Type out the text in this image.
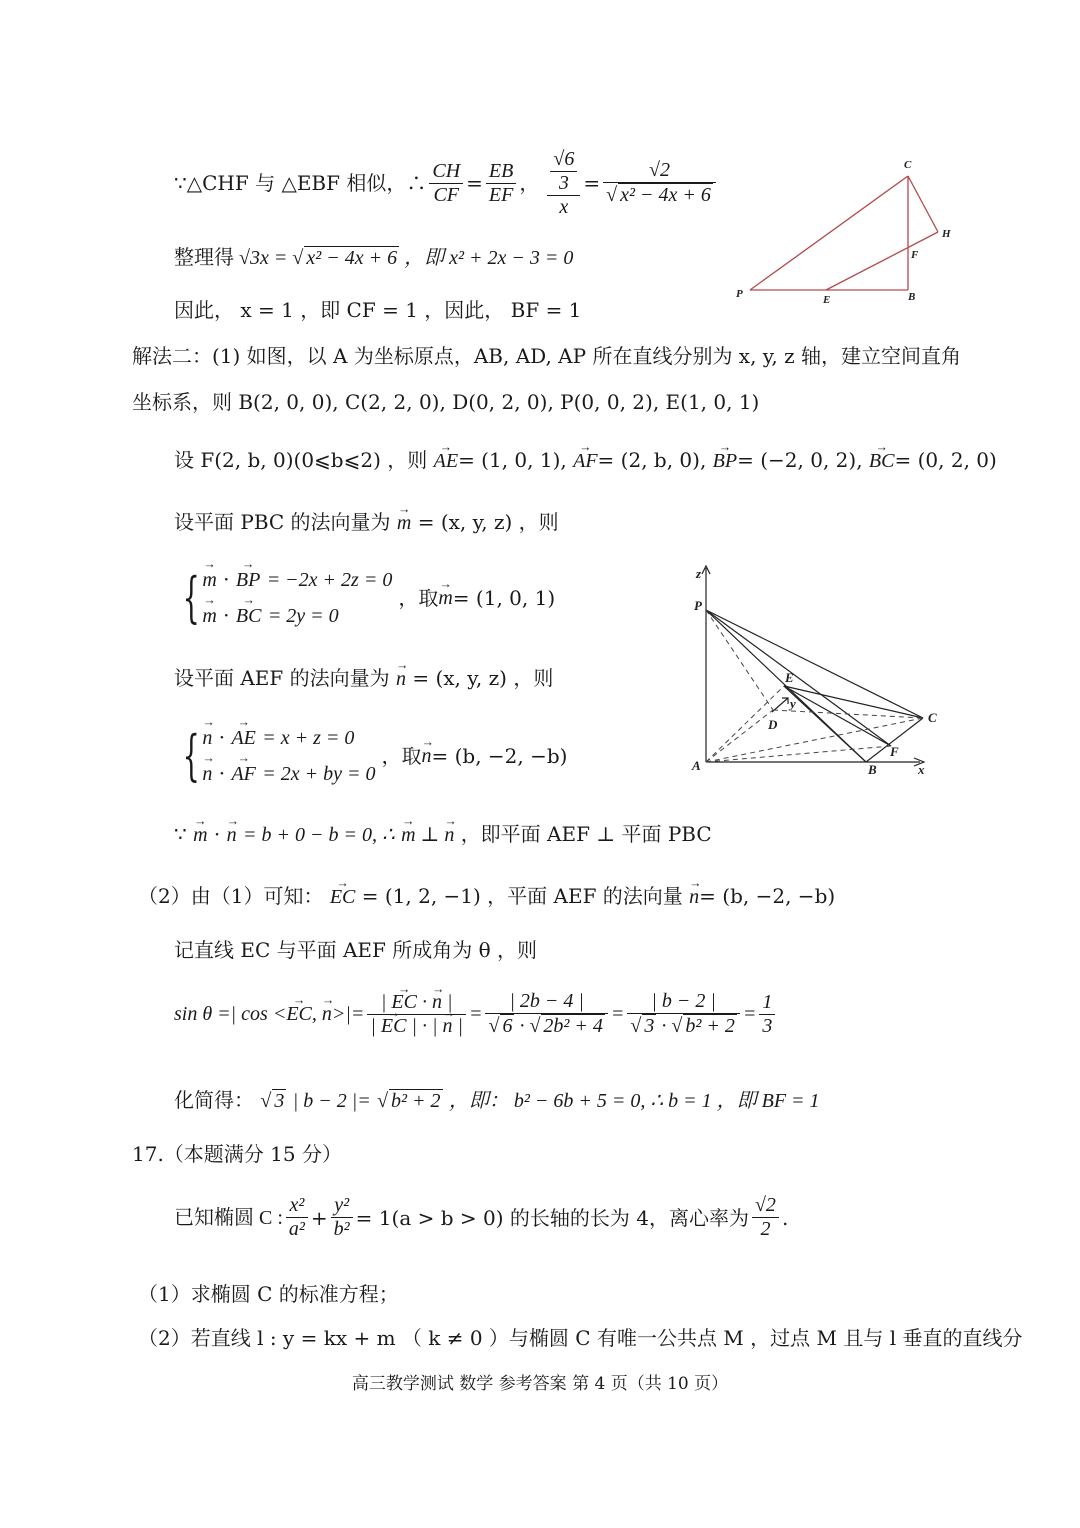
∵△CHF 与 △EBF 相似，∴ $\frac{CH}{CF} = \frac{EB}{EF}$ ， $\frac{\frac{√6}{3}}{x} = \frac{√2}{\text{√ x² − 4x + 6}}$	C
H
F
P	E	B
整理得 √3x = √ x² − 4x + 6 ，即 x² + 2x − 3 = 0
因此， x = 1 ，即 CF = 1 ，因此， BF = 1
解法二：(1) 如图，以 A 为坐标原点，AB, AD, AP 所在直线分别为 x, y, z 轴，建立空间直角
坐标系，则 B(2, 0, 0), C(2, 2, 0), D(0, 2, 0), P(0, 0, 2), E(1, 0, 1)
设 F(2, b, 0)(0⩽b⩽2) ，则 → AE= (1, 0, 1), → AF= (2, b, 0), → BP= (−2, 0, 2), → BC= (0, 2, 0)
设平面 PBC 的法向量为 → m = (x, y, z) ，则
{ → m · → BP = −2x + 2z = 0
→ m · → BC = 2y = 0
，取 → m = (1, 0, 1)
设平面 AEF 的法向量为 → n = (x, y, z) ，则
{ → n · → AE = x + z = 0
→ n · → AF = 2x + by = 0
，取 → n = (b, −2, −b)
z
P
E
y
D	C
F
A	B	x
∵ → m · → n = b + 0 − b = 0, ∴ → m ⊥ → n ，即平面 AEF ⊥ 平面 PBC
（2）由（1）可知： → EC = (1, 2, −1) ，平面 AEF 的法向量 → n= (b, −2, −b)
记直线 EC 与平面 AEF 所成角为 θ ，则
sin θ =| cos < → EC, → n >|= $\frac{| \to EC \cdot \to n |}{| \to EC | \cdot | \to n |} = \frac{| 2b - 4 |}{\text{√ 6 · √ 2b² + 4}} = \frac{| b - 2 |}{\text{√ 3 · √ b² + 2}} = \frac{1}{3}$
化简得： √ 3 | b − 2 |= √ b² + 2 ，即： b² − 6b + 5 = 0, ∴ b = 1 ，即 BF = 1
17.（本题满分 15 分）
已知椭圆 C : $\frac{\text{x²}}{\text{a²}} + \frac{\text{y²}}{\text{b²}} = 1(a > b > 0)$ 的长轴的长为 4，离心率为 $\frac{√2}{2}$ .
（1）求椭圆 C 的标准方程；
（2）若直线 l : y = kx + m （ k ≠ 0 ）与椭圆 C 有唯一公共点 M ，过点 M 且与 l 垂直的直线分
高三教学测试 数学 参考答案 第 4 页（共 10 页）
